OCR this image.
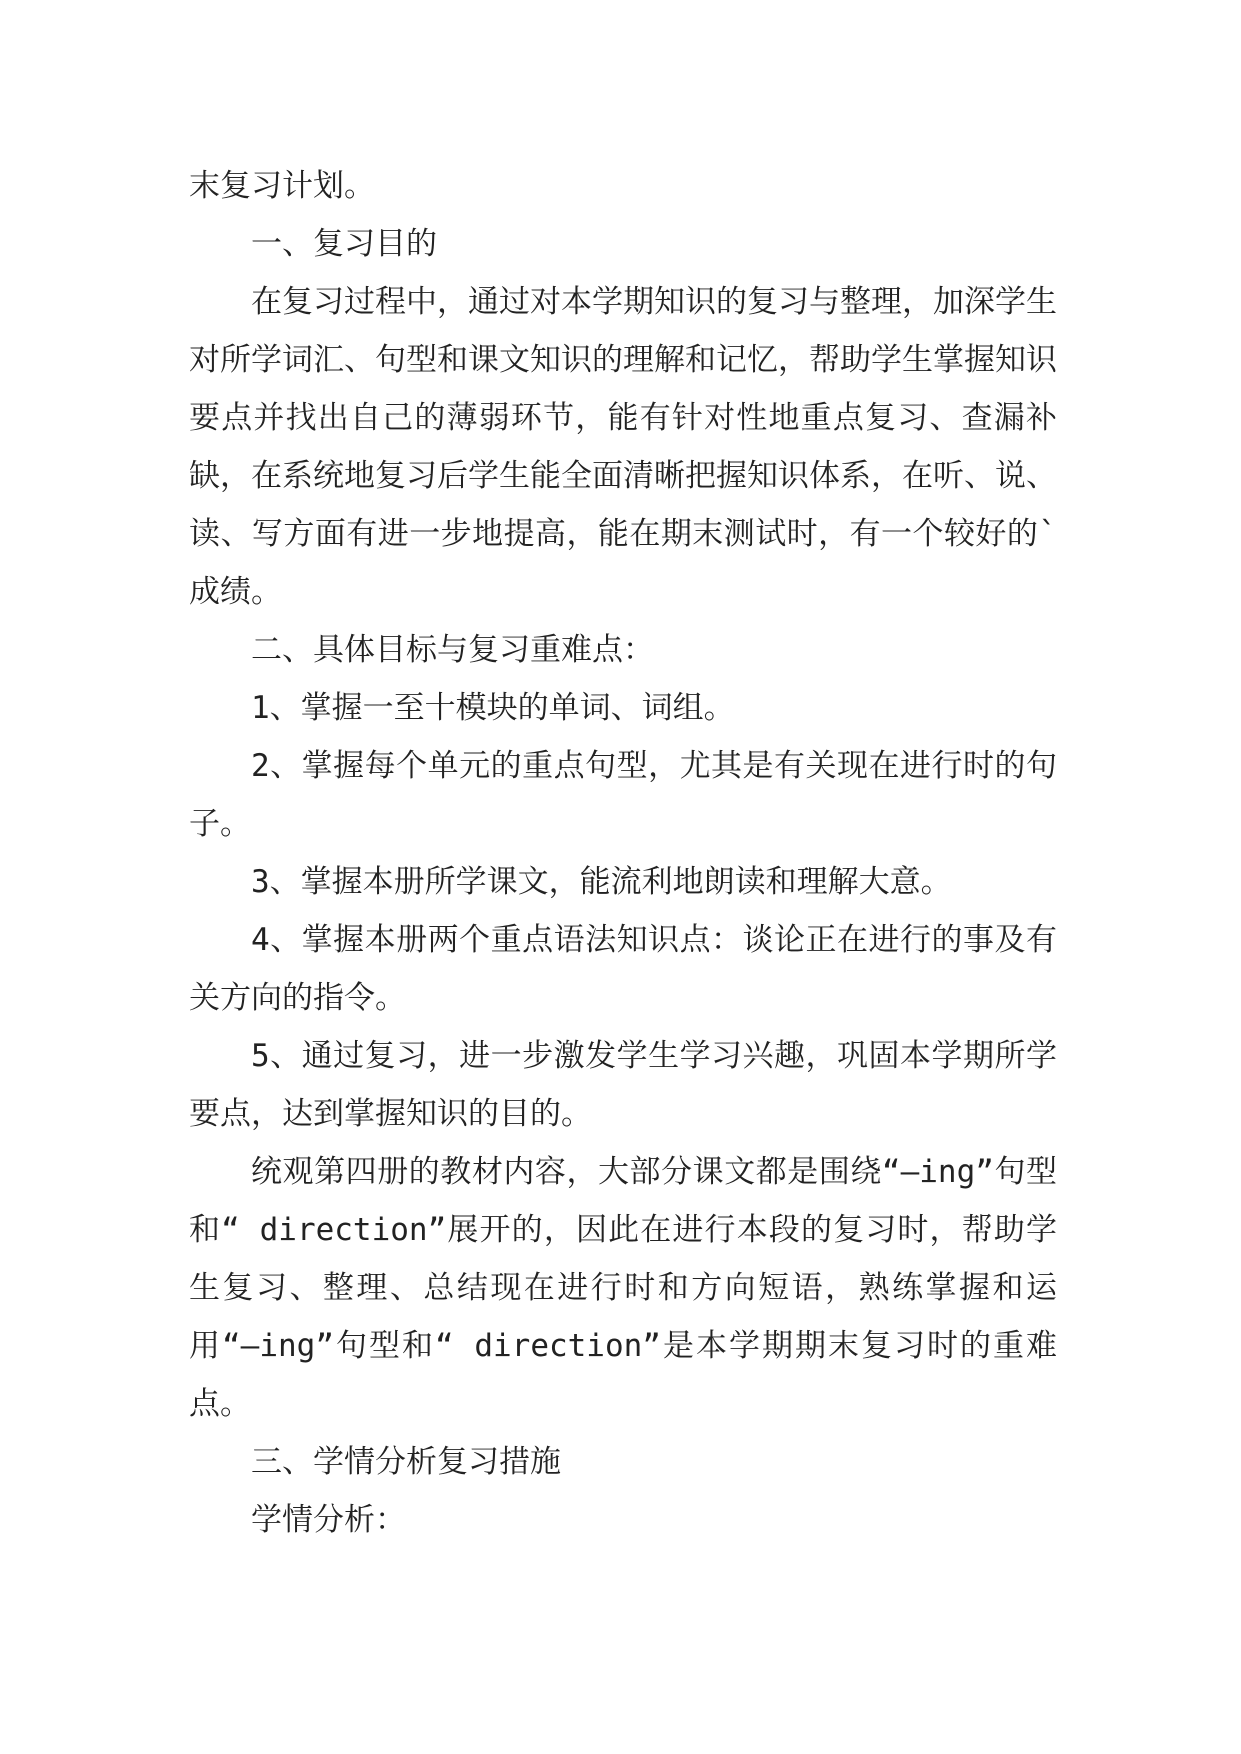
末复习计划。

一、复习目的

在复习过程中，通过对本学期知识的复习与整理，加深学生对所学词汇、句型和课文知识的理解和记忆，帮助学生掌握知识要点并找出自己的薄弱环节，能有针对性地重点复习、查漏补缺，在系统地复习后学生能全面清晰把握知识体系，在听、说、读、写方面有进一步地提高，能在期末测试时，有一个较好的`成绩。

二、具体目标与复习重难点：

1、掌握一至十模块的单词、词组。

2、掌握每个单元的重点句型，尤其是有关现在进行时的句子。

3、掌握本册所学课文，能流利地朗读和理解大意。

4、掌握本册两个重点语法知识点：谈论正在进行的事及有关方向的指令。

5、通过复习，进一步激发学生学习兴趣，巩固本学期所学要点，达到掌握知识的目的。

统观第四册的教材内容，大部分课文都是围绕“—ing”句型和“ direction”展开的，因此在进行本段的复习时，帮助学生复习、整理、总结现在进行时和方向短语，熟练掌握和运用“—ing”句型和“ direction”是本学期期末复习时的重难点。

三、学情分析复习措施

学情分析：
